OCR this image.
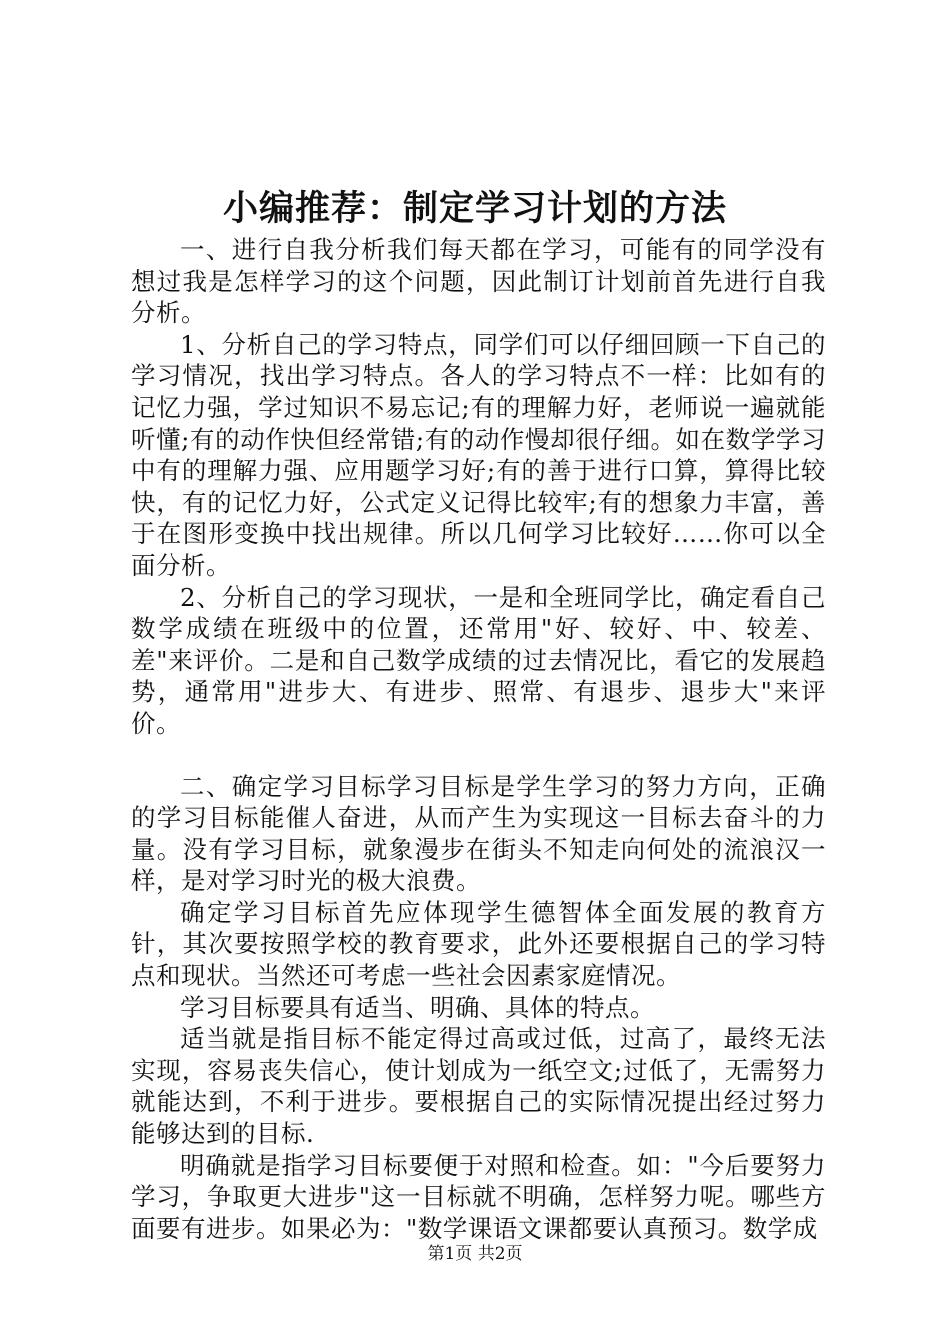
小编推荐：制定学习计划的方法

一、进行自我分析我们每天都在学习，可能有的同学没有想过我是怎样学习的这个问题，因此制订计划前首先进行自我分析。

1、分析自己的学习特点，同学们可以仔细回顾一下自己的学习情况，找出学习特点。各人的学习特点不一样：比如有的记忆力强，学过知识不易忘记;有的理解力好，老师说一遍就能听懂;有的动作快但经常错;有的动作慢却很仔细。如在数学学习中有的理解力强、应用题学习好;有的善于进行口算，算得比较快，有的记忆力好，公式定义记得比较牢;有的想象力丰富，善于在图形变换中找出规律。所以几何学习比较好……你可以全面分析。

2、分析自己的学习现状，一是和全班同学比，确定看自己数学成绩在班级中的位置，还常用"好、较好、中、较差、差"来评价。二是和自己数学成绩的过去情况比，看它的发展趋势，通常用"进步大、有进步、照常、有退步、退步大"来评价。

二、确定学习目标学习目标是学生学习的努力方向，正确的学习目标能催人奋进，从而产生为实现这一目标去奋斗的力量。没有学习目标，就象漫步在街头不知走向何处的流浪汉一样，是对学习时光的极大浪费。

确定学习目标首先应体现学生德智体全面发展的教育方针，其次要按照学校的教育要求，此外还要根据自己的学习特点和现状。当然还可考虑一些社会因素家庭情况。

学习目标要具有适当、明确、具体的特点。

适当就是指目标不能定得过高或过低，过高了，最终无法实现，容易丧失信心，使计划成为一纸空文;过低了，无需努力就能达到，不利于进步。要根据自己的实际情况提出经过努力能够达到的目标.

明确就是指学习目标要便于对照和检查。如："今后要努力学习，争取更大进步"这一目标就不明确，怎样努力呢。哪些方面要有进步。如果必为："数学课语文课都要认真预习。数学成

第1页 共2页
